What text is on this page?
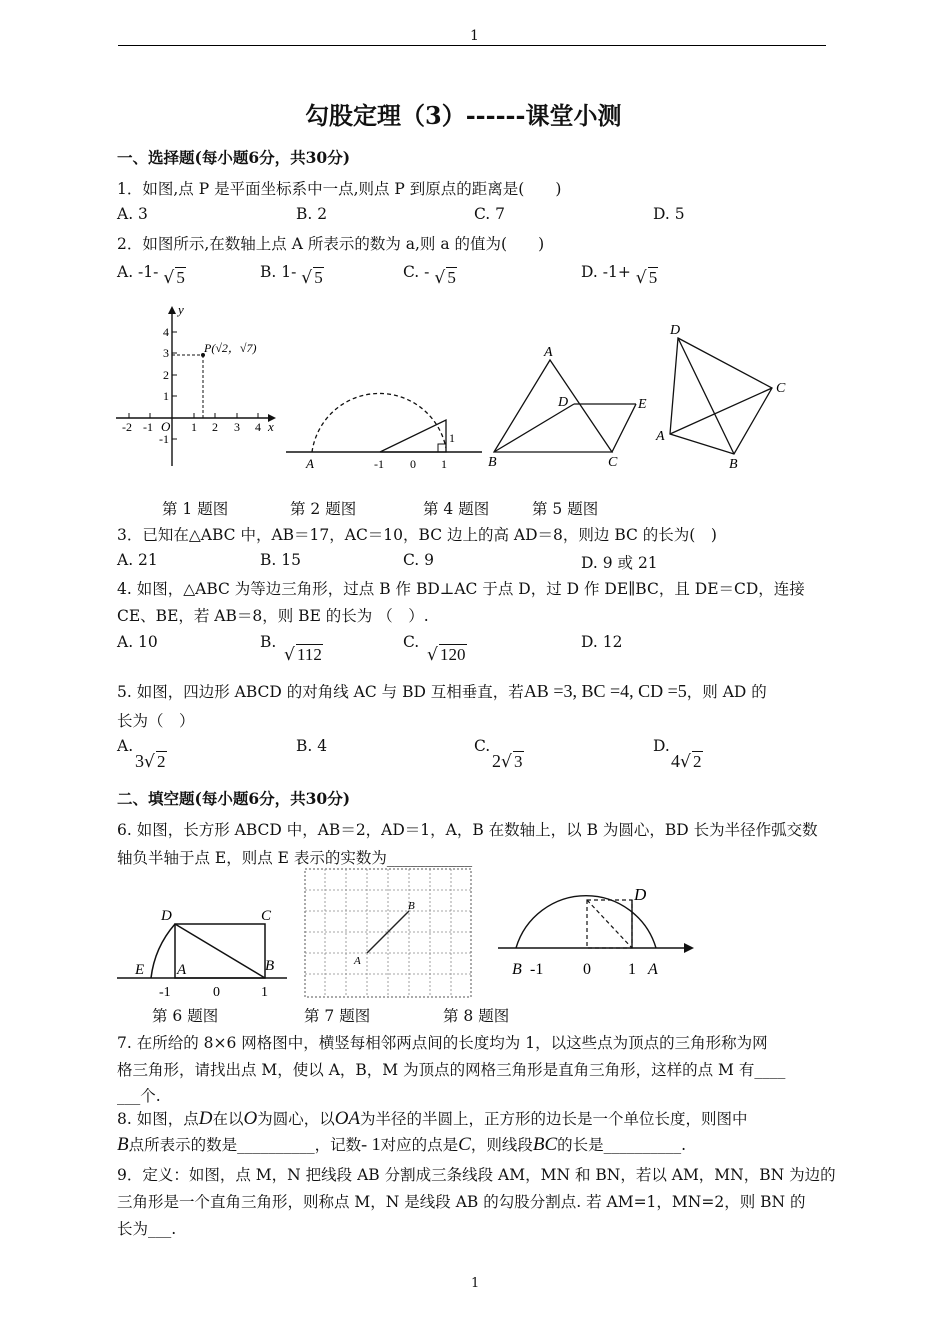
1
勾股定理（3）------课堂小测
一、选择题(每小题6分，共30分)
1．如图,点 P 是平面坐标系中一点,则点 P 到原点的距离是(　　)
A. 3	B. 2	C. 7	D. 5
2．如图所示,在数轴上点 A 所表示的数为 a,则 a 的值为(　　)
A. -1- √ 5	B. 1- √ 5	C. - √ 5	D. -1+ √ 5
y
x
O
P(√2，√7)
4
3
2
1
-1
-2 -1	1 2 3 4
A	-1 0 1
1
A
B	C
D	E
D
C
B
A
第 1 题图	第 2 题图	第 4 题图	第 5 题图
3．已知在△ABC 中，AB＝17，AC＝10，BC 边上的高 AD＝8，则边 BC 的长为(　)
A. 21	B. 15	C. 9	D. 9 或 21
4. 如图，△ABC 为等边三角形，过点 B 作 BD⊥AC 于点 D，过 D 作 DE∥BC，且 DE＝CD，连接
CE、BE，若 AB＝8，则 BE 的长为 （　）.
A. 10	B.

√ 112
C.

√ 120
D. 12
5. 如图，四边形 ABCD 的对角线 AC 与 BD 互相垂直，若AB =3, BC =4, CD =5，则 AD 的
长为（　）
A.
3 √ 2
B. 4	C.
2 √ 3
D.
4 √ 2
二、填空题(每小题6分，共30分)
6. 如图，长方形 ABCD 中，AB＝2，AD＝1，A，B 在数轴上，以 B 为圆心，BD 长为半径作弧交数
轴负半轴于点 E，则点 E 表示的实数为___________
D	C
E A	B
-1	0	1
A
B
D
B -1 0 1 A
第 6 题图	第 7 题图	第 8 题图
7. 在所给的 8×6 网格图中，横竖每相邻两点间的长度均为 1，以这些点为顶点的三角形称为网
格三角形，请找出点 M，使以 A，B，M 为顶点的网格三角形是直角三角形，这样的点 M 有____
___个.
8. 如图，点D在以O为圆心，以OA为半径的半圆上，正方形的边长是一个单位长度，则图中
B点所表示的数是__________，记数- 1对应的点是C，则线段BC的长是__________.
9．定义：如图，点 M，N 把线段 AB 分割成三条线段 AM，MN 和 BN，若以 AM，MN，BN 为边的
三角形是一个直角三角形，则称点 M，N 是线段 AB 的勾股分割点. 若 AM=1，MN=2，则 BN 的
长为___.
1
